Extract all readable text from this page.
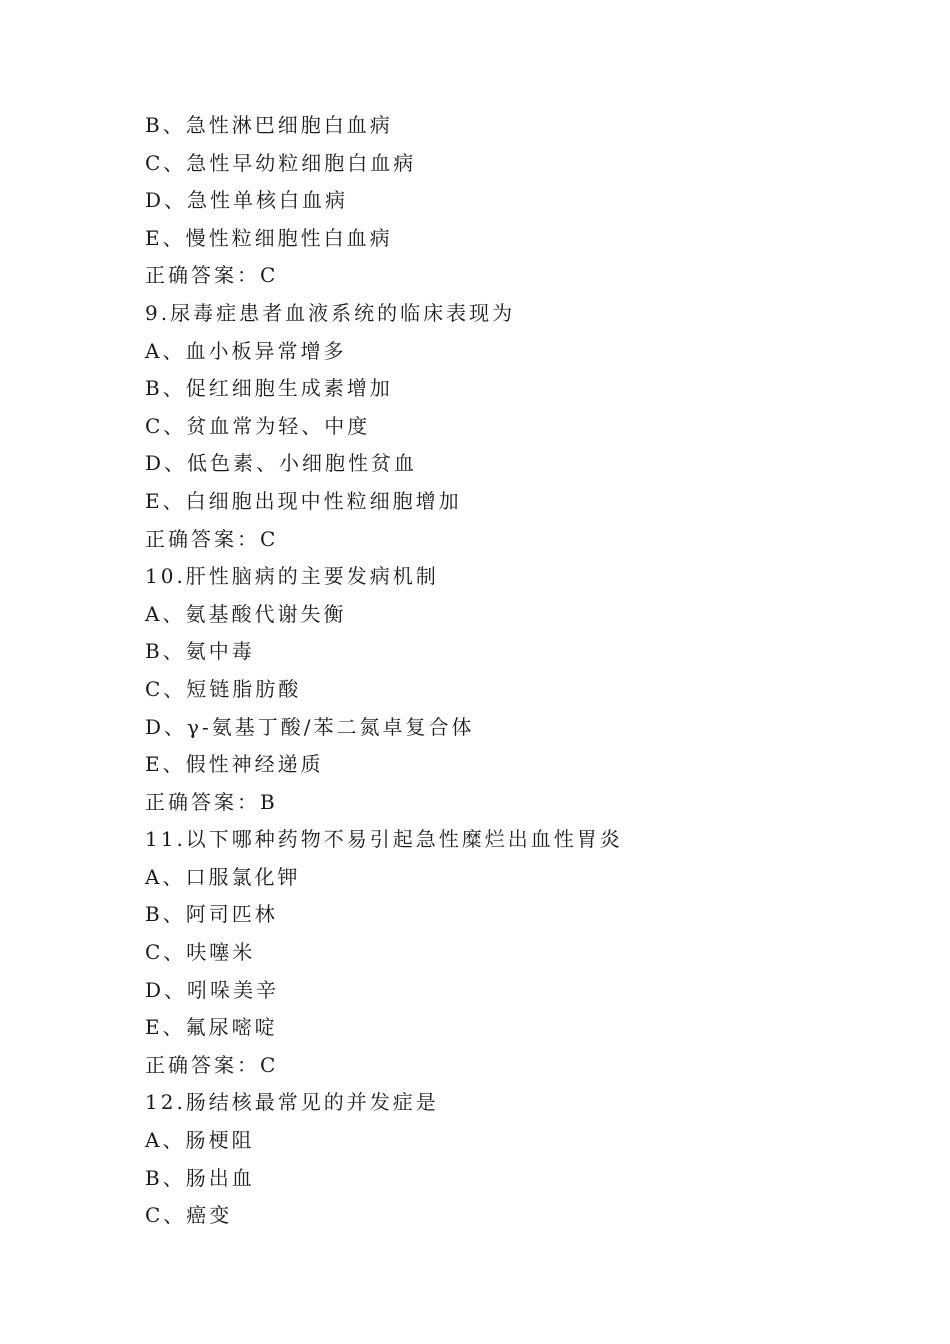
B、急性淋巴细胞白血病
C、急性早幼粒细胞白血病
D、急性单核白血病
E、慢性粒细胞性白血病
正确答案：C
9.尿毒症患者血液系统的临床表现为
A、血小板异常增多
B、促红细胞生成素增加
C、贫血常为轻、中度
D、低色素、小细胞性贫血
E、白细胞出现中性粒细胞增加
正确答案：C
10.肝性脑病的主要发病机制
A、氨基酸代谢失衡
B、氨中毒
C、短链脂肪酸
D、γ-氨基丁酸/苯二氮卓复合体
E、假性神经递质
正确答案：B
11.以下哪种药物不易引起急性糜烂出血性胃炎
A、口服氯化钾
B、阿司匹林
C、呋噻米
D、吲哚美辛
E、氟尿嘧啶
正确答案：C
12.肠结核最常见的并发症是
A、肠梗阻
B、肠出血
C、癌变
